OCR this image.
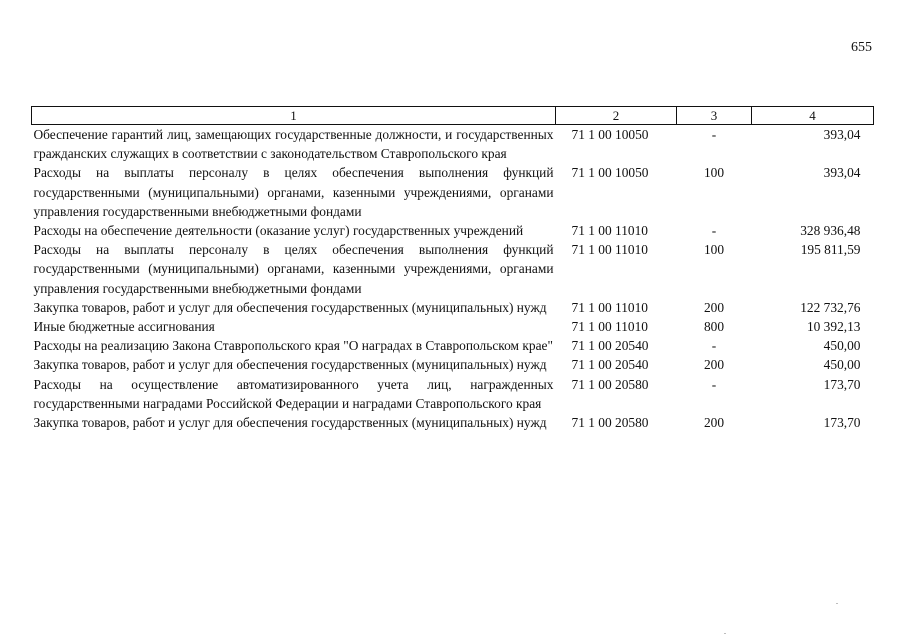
655
1	2	3	4
Обеспечение гарантий лиц, замещающих государственные должности, и государственных гражданских служащих в соответствии с законодательством Ставропольского края	71 1 00 10050	-	393,04
Расходы на выплаты персоналу в целях обеспечения выполнения функций государственными (муниципальными) органами, казенными учреждениями, органами управления государственными внебюджетными фондами	71 1 00 10050	100	393,04
Расходы на обеспечение деятельности (оказание услуг) государственных учреждений	71 1 00 11010	-	328 936,48
Расходы на выплаты персоналу в целях обеспечения выполнения функций государственными (муниципальными) органами, казенными учреждениями, органами управления государственными внебюджетными фондами	71 1 00 11010	100	195 811,59
Закупка товаров, работ и услуг для обеспечения государственных (муниципальных) нужд	71 1 00 11010	200	122 732,76
Иные бюджетные ассигнования	71 1 00 11010	800	10 392,13
Расходы на реализацию Закона Ставропольского края "О наградах в Ставропольском крае"	71 1 00 20540	-	450,00
Закупка товаров, работ и услуг для обеспечения государственных (муниципальных) нужд	71 1 00 20540	200	450,00
Расходы на осуществление автоматизированного учета лиц, награжденных государственными наградами Российской Федерации и наградами Ставропольского края	71 1 00 20580	-	173,70
Закупка товаров, работ и услуг для обеспечения государственных (муниципальных) нужд	71 1 00 20580	200	173,70
